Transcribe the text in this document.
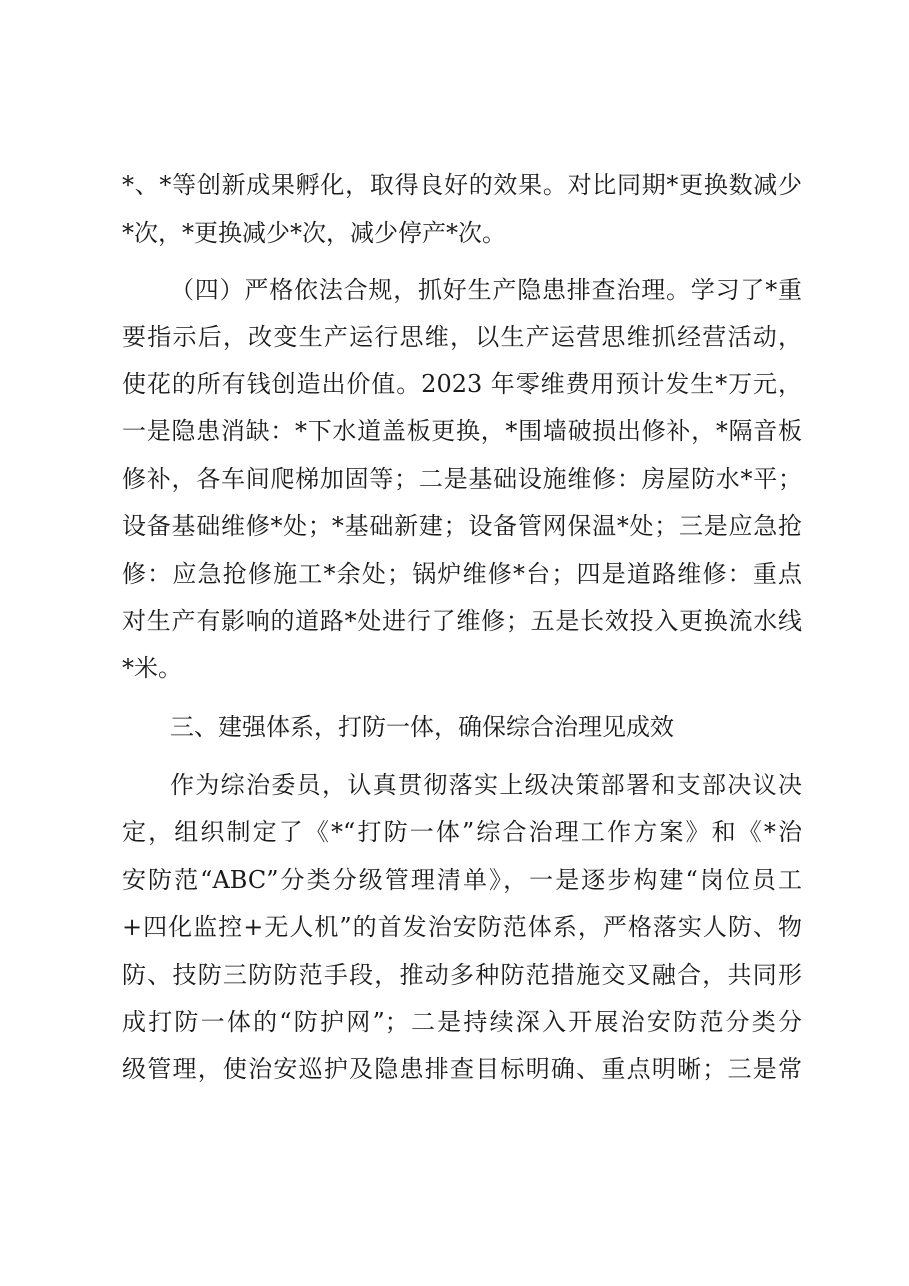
*、*等创新成果孵化，取得良好的效果。对比同期*更换数减少

*次，*更换减少*次，减少停产*次。

（四）严格依法合规，抓好生产隐患排查治理。学习了*重

要指示后，改变生产运行思维，以生产运营思维抓经营活动，

使花的所有钱创造出价值。2023 年零维费用预计发生*万元，

一是隐患消缺：*下水道盖板更换，*围墙破损出修补，*隔音板

修补，各车间爬梯加固等；二是基础设施维修：房屋防水*平；

设备基础维修*处；*基础新建；设备管网保温*处；三是应急抢

修：应急抢修施工*余处；锅炉维修*台；四是道路维修：重点

对生产有影响的道路*处进行了维修；五是长效投入更换流水线

*米。

三、建强体系，打防一体，确保综合治理见成效

作为综治委员，认真贯彻落实上级决策部署和支部决议决

定，组织制定了《*“打防一体”综合治理工作方案》和《*治

安防范“ABC”分类分级管理清单》，一是逐步构建“岗位员工

+四化监控+无人机”的首发治安防范体系，严格落实人防、物

防、技防三防防范手段，推动多种防范措施交叉融合，共同形

成打防一体的“防护网”；二是持续深入开展治安防范分类分

级管理，使治安巡护及隐患排查目标明确、重点明晰；三是常
